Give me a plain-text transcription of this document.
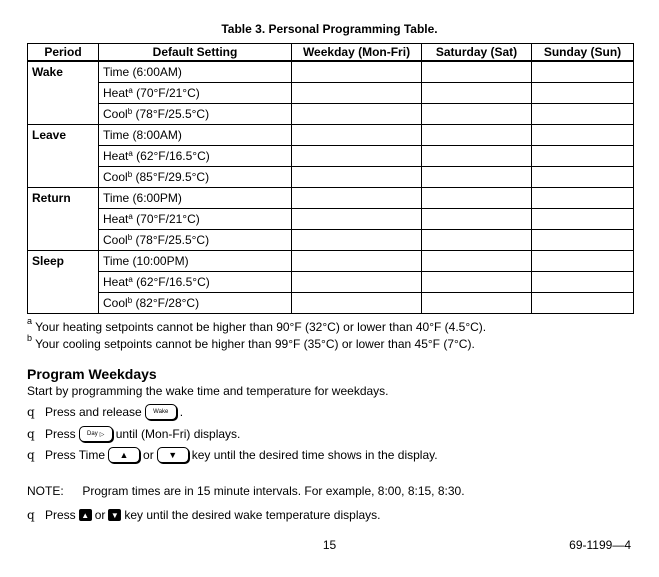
Table 3. Personal Programming Table.
Period	Default Setting	Weekday (Mon-Fri)	Saturday (Sat)	Sunday (Sun)
Wake	Time (6:00AM)			
	Heat$^a$ (70°F/21°C)			
	Cool$^b$ (78°F/25.5°C)			
Leave	Time (8:00AM)			
	Heat$^a$ (62°F/16.5°C)			
	Cool$^b$ (85°F/29.5°C)			
Return	Time (6:00PM)			
	Heat$^a$ (70°F/21°C)			
	Cool$^b$ (78°F/25.5°C)			
Sleep	Time (10:00PM)			
	Heat$^a$ (62°F/16.5°C)			
	Cool$^b$ (82°F/28°C)			
$^a$ Your heating setpoints cannot be higher than 90°F (32°C) or lower than 40°F (4.5°C).
$^b$ Your cooling setpoints cannot be higher than 99°F (35°C) or lower than 45°F (7°C).
Program Weekdays
Start by programming the wake time and temperature for weekdays.
q Press and release	Wake .
q Press Day ▷ until (Mon-Fri) displays.
q Press Time ▲ or ▼ key until the desired time shows in the display.
NOTE: Program times are in 15 minute intervals. For example, 8:00, 8:15, 8:30.
q Press ▲ or ▼ key until the desired wake temperature displays.
15	69-1199—4
